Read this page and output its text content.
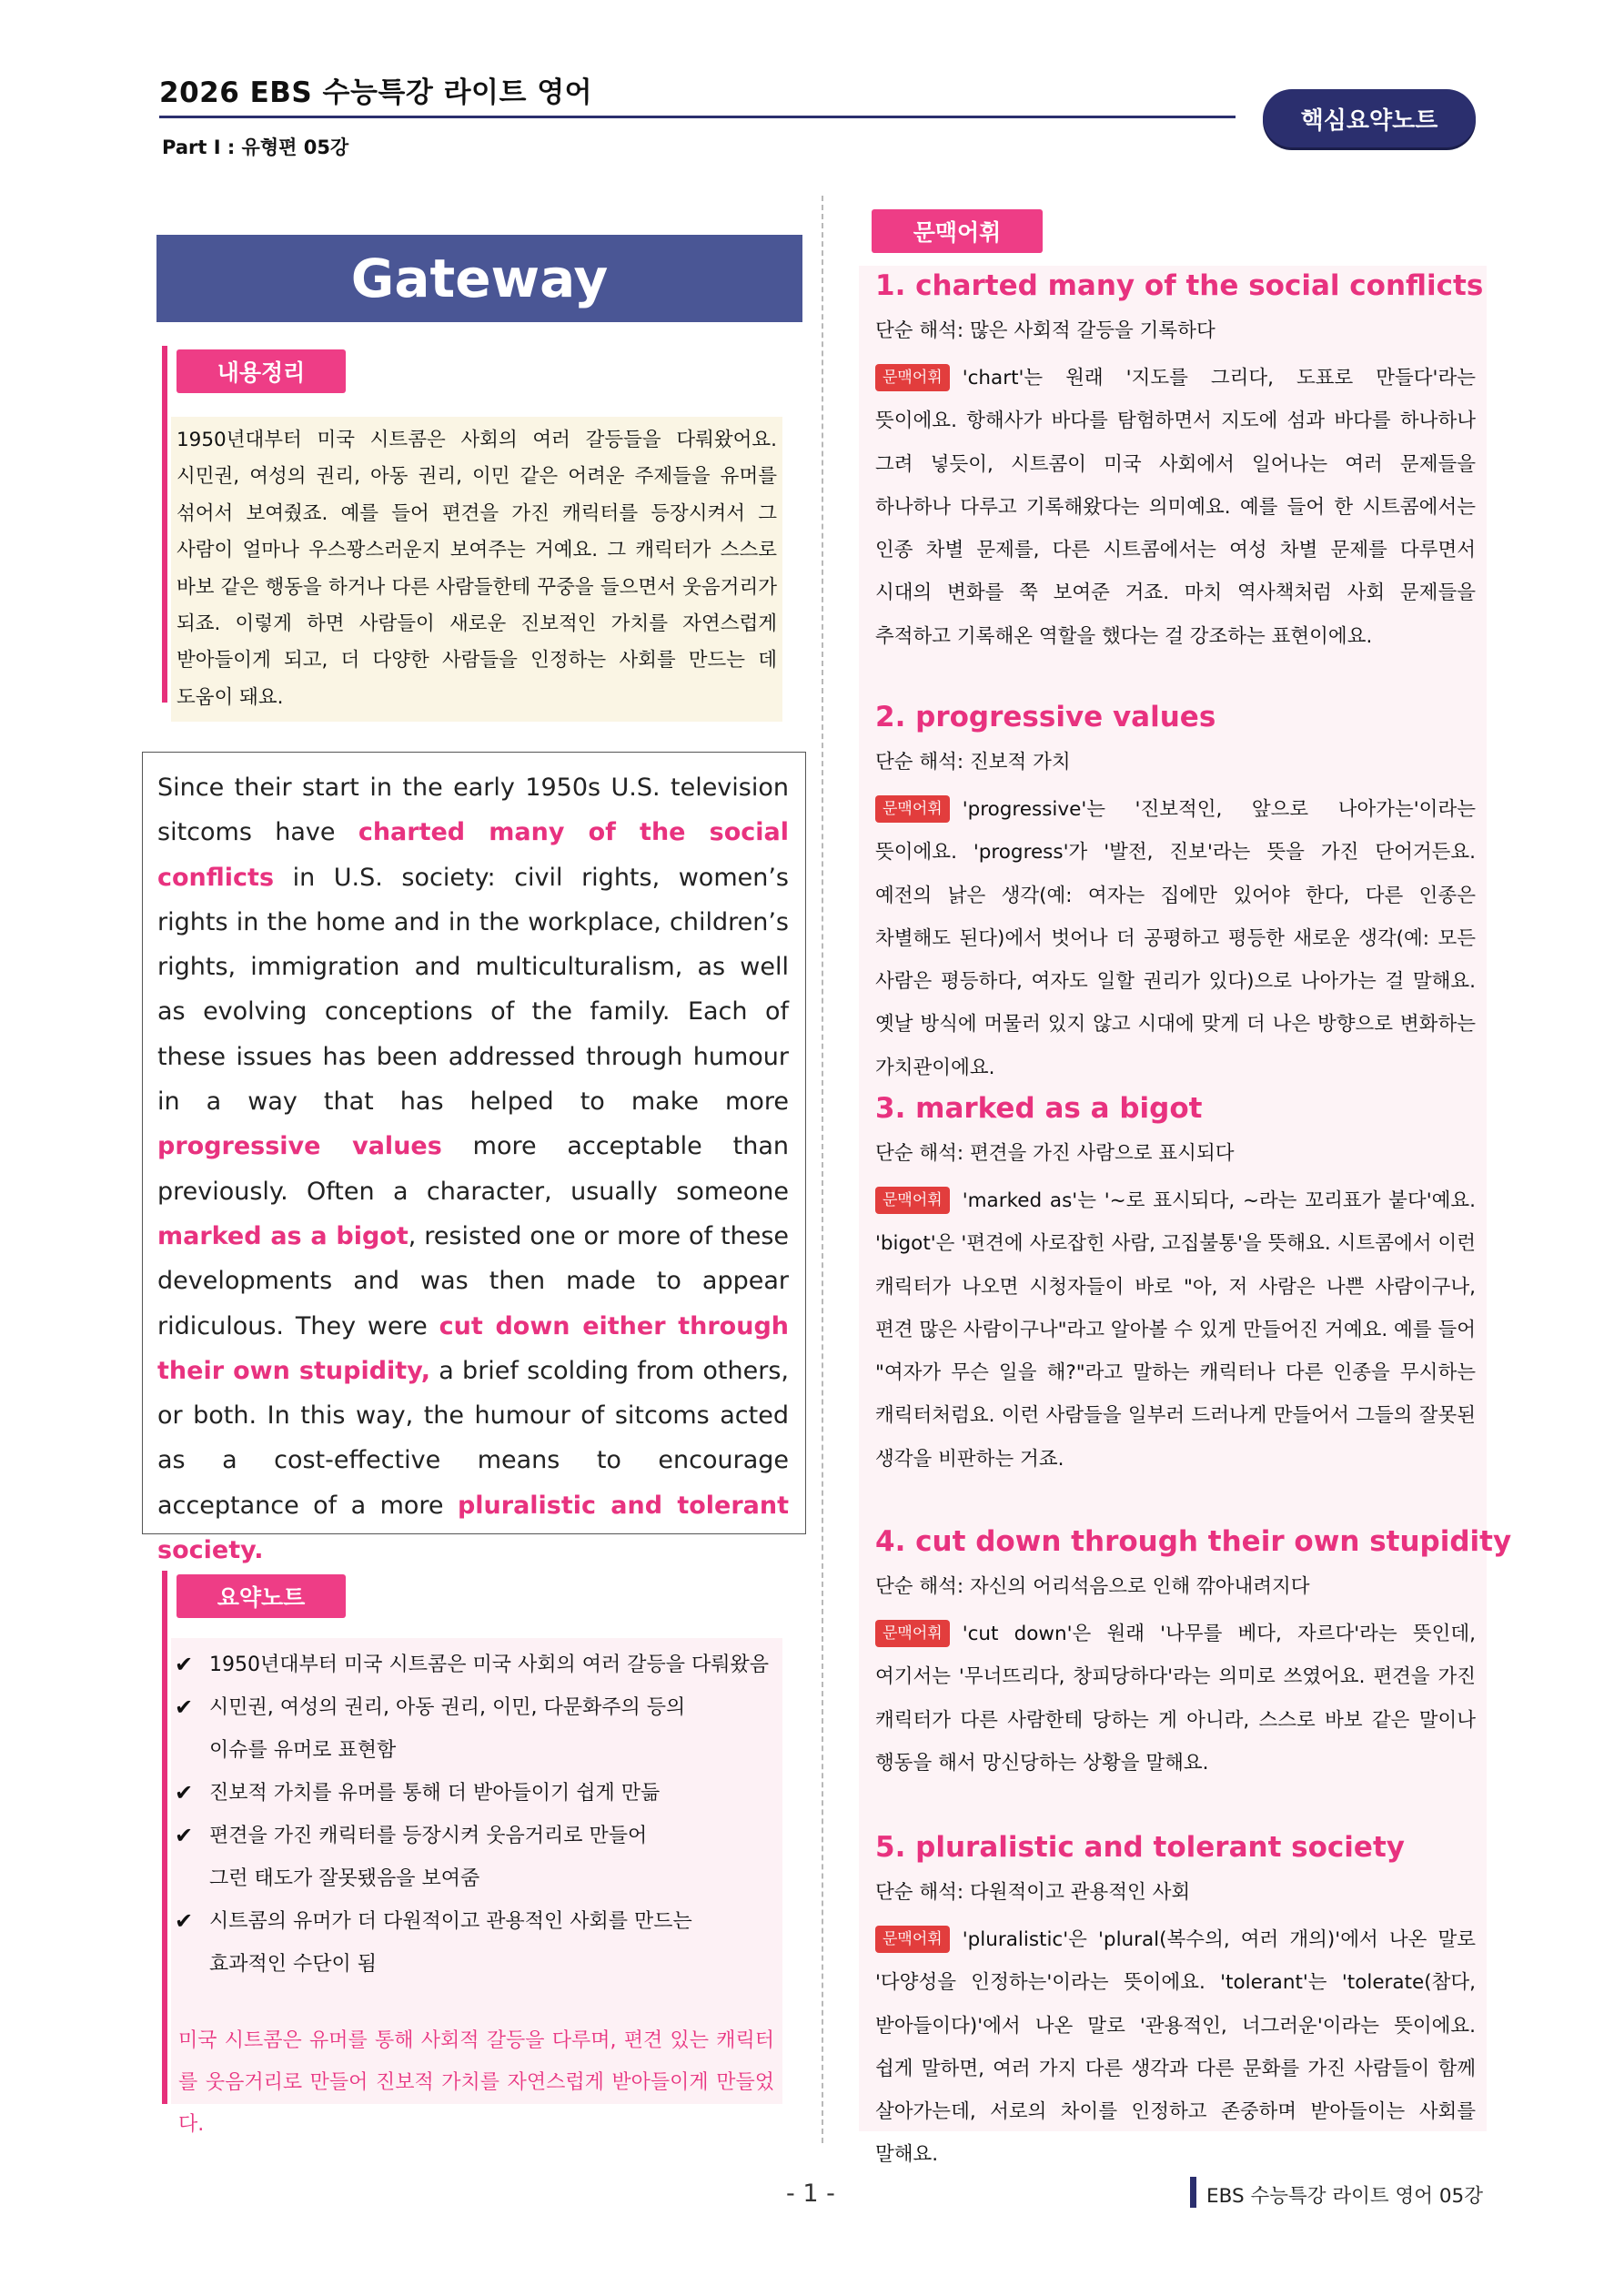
2026 EBS 수능특강 라이트 영어
Part Ⅰ : 유형편 05강
핵심요약노트
Gateway
내용정리
1950년대부터 미국 시트콤은 사회의 여러 갈등들을 다뤄왔어요. 시민권, 여성의 권리, 아동 권리, 이민 같은 어려운 주제들을 유머를 섞어서 보여줬죠. 예를 들어 편견을 가진 캐릭터를 등장시켜서 그 사람이 얼마나 우스꽝스러운지 보여주는 거예요. 그 캐릭터가 스스로 바보 같은 행동을 하거나 다른 사람들한테 꾸중을 들으면서 웃음거리가 되죠. 이렇게 하면 사람들이 새로운 진보적인 가치를 자연스럽게 받아들이게 되고, 더 다양한 사람들을 인정하는 사회를 만드는 데 도움이 돼요.
Since their start in the early 1950s U.S. television sitcoms have charted many of the social conflicts in U.S. society: civil rights, women’s rights in the home and in the workplace, children’s rights, immigration and multiculturalism, as well as evolving conceptions of the family. Each of these issues has been addressed through humour in a way that has helped to make more progressive values more acceptable than previously. Often a character, usually someone marked as a bigot, resisted one or more of these developments and was then made to appear ridiculous. They were cut down either through their own stupidity, a brief scolding from others, or both. In this way, the humour of sitcoms acted as a cost-effective means to encourage acceptance of a more pluralistic and tolerant society.
요약노트
✔ 1950년대부터 미국 시트콤은 미국 사회의 여러 갈등을 다뤄왔음
✔ 시민권, 여성의 권리, 아동 권리, 이민, 다문화주의 등의
이슈를 유머로 표현함
✔ 진보적 가치를 유머를 통해 더 받아들이기 쉽게 만듦
✔ 편견을 가진 캐릭터를 등장시켜 웃음거리로 만들어
그런 태도가 잘못됐음을 보여줌
✔ 시트콤의 유머가 더 다원적이고 관용적인 사회를 만드는
효과적인 수단이 됨
미국 시트콤은 유머를 통해 사회적 갈등을 다루며, 편견 있는 캐릭터를 웃음거리로 만들어 진보적 가치를 자연스럽게 받아들이게 만들었다.
문맥어휘
1. charted many of the social conflicts
단순 해석: 많은 사회적 갈등을 기록하다
문맥어휘 'chart'는 원래 '지도를 그리다, 도표로 만들다'라는 뜻이에요. 항해사가 바다를 탐험하면서 지도에 섬과 바다를 하나하나 그려 넣듯이, 시트콤이 미국 사회에서 일어나는 여러 문제들을 하나하나 다루고 기록해왔다는 의미예요. 예를 들어 한 시트콤에서는 인종 차별 문제를, 다른 시트콤에서는 여성 차별 문제를 다루면서 시대의 변화를 쭉 보여준 거죠. 마치 역사책처럼 사회 문제들을 추적하고 기록해온 역할을 했다는 걸 강조하는 표현이에요.
2. progressive values
단순 해석: 진보적 가치
문맥어휘 'progressive'는 '진보적인, 앞으로 나아가는'이라는 뜻이에요. 'progress'가 '발전, 진보'라는 뜻을 가진 단어거든요. 예전의 낡은 생각(예: 여자는 집에만 있어야 한다, 다른 인종은 차별해도 된다)에서 벗어나 더 공평하고 평등한 새로운 생각(예: 모든 사람은 평등하다, 여자도 일할 권리가 있다)으로 나아가는 걸 말해요. 옛날 방식에 머물러 있지 않고 시대에 맞게 더 나은 방향으로 변화하는 가치관이에요.
3. marked as a bigot
단순 해석: 편견을 가진 사람으로 표시되다
문맥어휘 'marked as'는 '~로 표시되다, ~라는 꼬리표가 붙다'예요. 'bigot'은 '편견에 사로잡힌 사람, 고집불통'을 뜻해요. 시트콤에서 이런 캐릭터가 나오면 시청자들이 바로 "아, 저 사람은 나쁜 사람이구나, 편견 많은 사람이구나"라고 알아볼 수 있게 만들어진 거예요. 예를 들어 "여자가 무슨 일을 해?"라고 말하는 캐릭터나 다른 인종을 무시하는 캐릭터처럼요. 이런 사람들을 일부러 드러나게 만들어서 그들의 잘못된 생각을 비판하는 거죠.
4. cut down through their own stupidity
단순 해석: 자신의 어리석음으로 인해 깎아내려지다
문맥어휘 'cut down'은 원래 '나무를 베다, 자르다'라는 뜻인데, 여기서는 '무너뜨리다, 창피당하다'라는 의미로 쓰였어요. 편견을 가진 캐릭터가 다른 사람한테 당하는 게 아니라, 스스로 바보 같은 말이나 행동을 해서 망신당하는 상황을 말해요.
5. pluralistic and tolerant society
단순 해석: 다원적이고 관용적인 사회
문맥어휘 'pluralistic'은 'plural(복수의, 여러 개의)'에서 나온 말로 '다양성을 인정하는'이라는 뜻이에요. 'tolerant'는 'tolerate(참다, 받아들이다)'에서 나온 말로 '관용적인, 너그러운'이라는 뜻이에요. 쉽게 말하면, 여러 가지 다른 생각과 다른 문화를 가진 사람들이 함께 살아가는데, 서로의 차이를 인정하고 존중하며 받아들이는 사회를 말해요.
- 1 -	EBS 수능특강 라이트 영어 05강
